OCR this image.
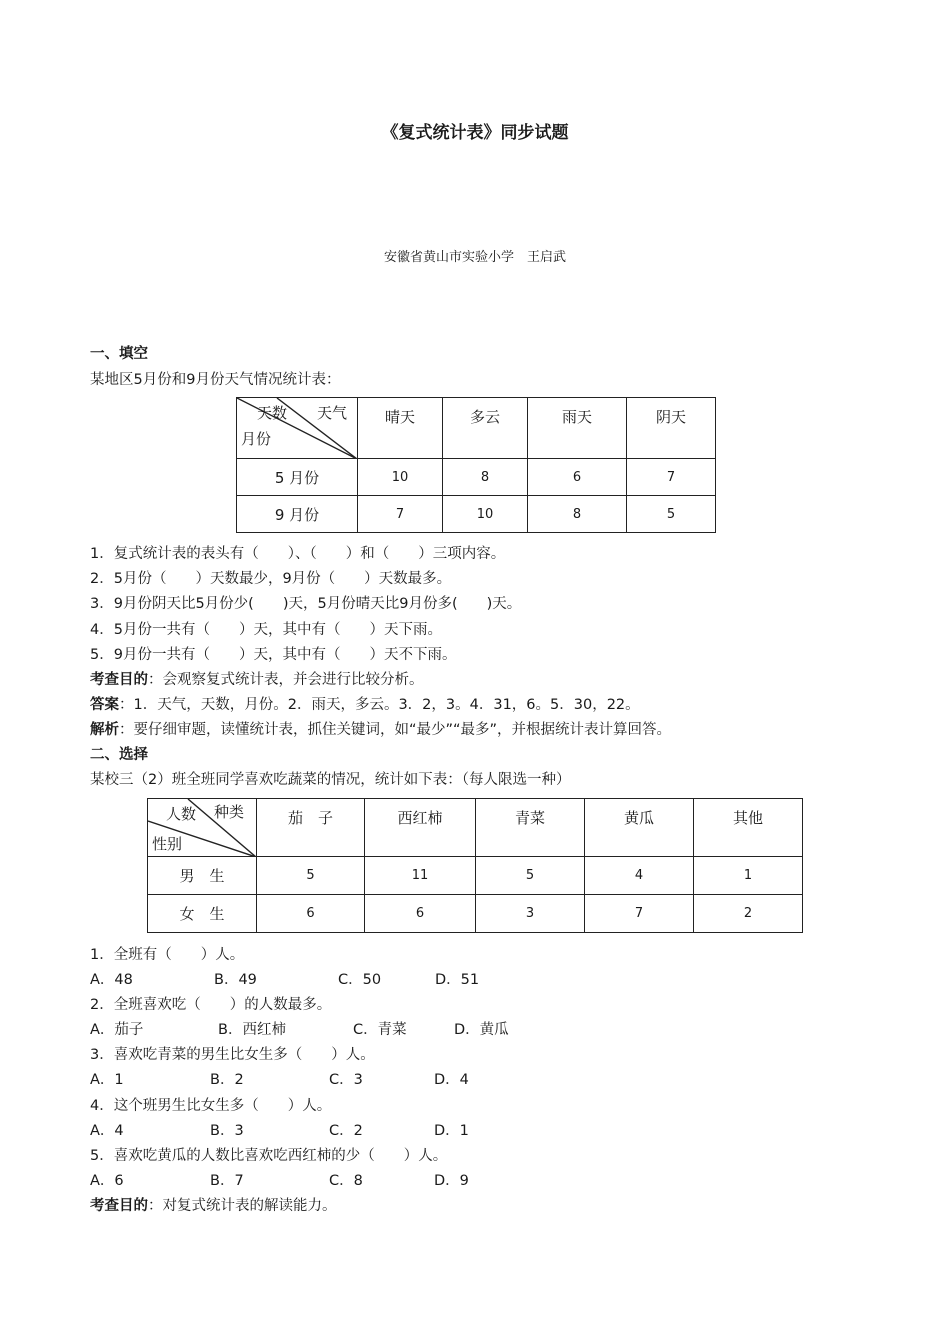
《复式统计表》同步试题
安徽省黄山市实验小学　王启武
一、填空
某地区5月份和9月份天气情况统计表：
天数 天气
月份	晴天	多云	雨天	阴天
5 月份	10	8	6	7
9 月份	7	10	8	5
1．复式统计表的表头有（　　）、（　　）和（　　）三项内容。
2．5月份（　　）天数最少，9月份（　　）天数最多。
3．9月份阴天比5月份少(　　)天，5月份晴天比9月份多(　　)天。
4．5月份一共有（　　）天，其中有（　　）天下雨。
5．9月份一共有（　　）天，其中有（　　）天不下雨。
考查目的：会观察复式统计表，并会进行比较分析。
答案：1．天气，天数，月份。2．雨天，多云。3．2，3。4．31，6。5．30，22。
解析：要仔细审题，读懂统计表，抓住关键词，如“最少”“最多”，并根据统计表计算回答。
二、选择
某校三（2）班全班同学喜欢吃蔬菜的情况，统计如下表：（每人限选一种）
人数 种类
性别	茄　子	西红柿	青菜	黄瓜	其他
男　生	5	11	5	4	1
女　生	6	6	3	7	2
1．全班有（　　）人。
A．48	B．49	C．50	D．51
2．全班喜欢吃（　　）的人数最多。
A．茄子	B．西红柿	C．青菜	D．黄瓜
3．喜欢吃青菜的男生比女生多（　　）人。
A．1	B．2	C．3	D．4
4．这个班男生比女生多（　　）人。
A．4	B．3	C．2	D．1
5．喜欢吃黄瓜的人数比喜欢吃西红柿的少（　　）人。
A．6	B．7	C．8	D．9
考查目的：对复式统计表的解读能力。
